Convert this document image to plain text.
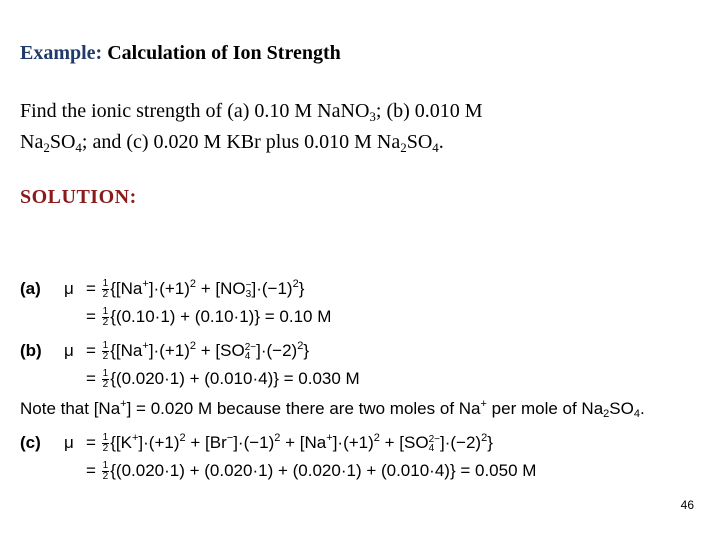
Example: Calculation of Ion Strength
Find the ionic strength of (a) 0.10 M NaNO$_3$; (b) 0.010 M
$Na_2SO_4$; and (c) 0.020 M KBr plus 0.010 M $Na_2SO_4$.
SOLUTION:
(a) $\mu = \frac{1}{2} \{[Na^+]\cdot(+1)^2 + [NO$ −
3 ]$\cdot(-1)^2$}
= $\frac{1}{2} \{(0.10\cdot 1) + (0.10\cdot 1)\} = 0.10$ M
(b) $\mu = \frac{1}{2} \{[Na^+]\cdot(+1)^2 + [SO$ 2−
4 ]$\cdot(-2)^2$}
= $\frac{1}{2} \{(0.020\cdot 1) + (0.010\cdot 4)\} = 0.030$ M
Note that [Na+] = 0.020 M because there are two moles of Na+ per mole of $Na_2SO_4$.
(c) $\mu = \frac{1}{2} \{[K^+]\cdot(+1)^2 + [Br^-]\cdot(-1)^2 + [Na^+]\cdot(+1)^2 + [SO$ 2−
4 ]$\cdot(-2)^2$}
= $\frac{1}{2} \{(0.020\cdot 1) + (0.020\cdot 1) + (0.020\cdot 1) + (0.010\cdot 4)\} = 0.050$ M
46
